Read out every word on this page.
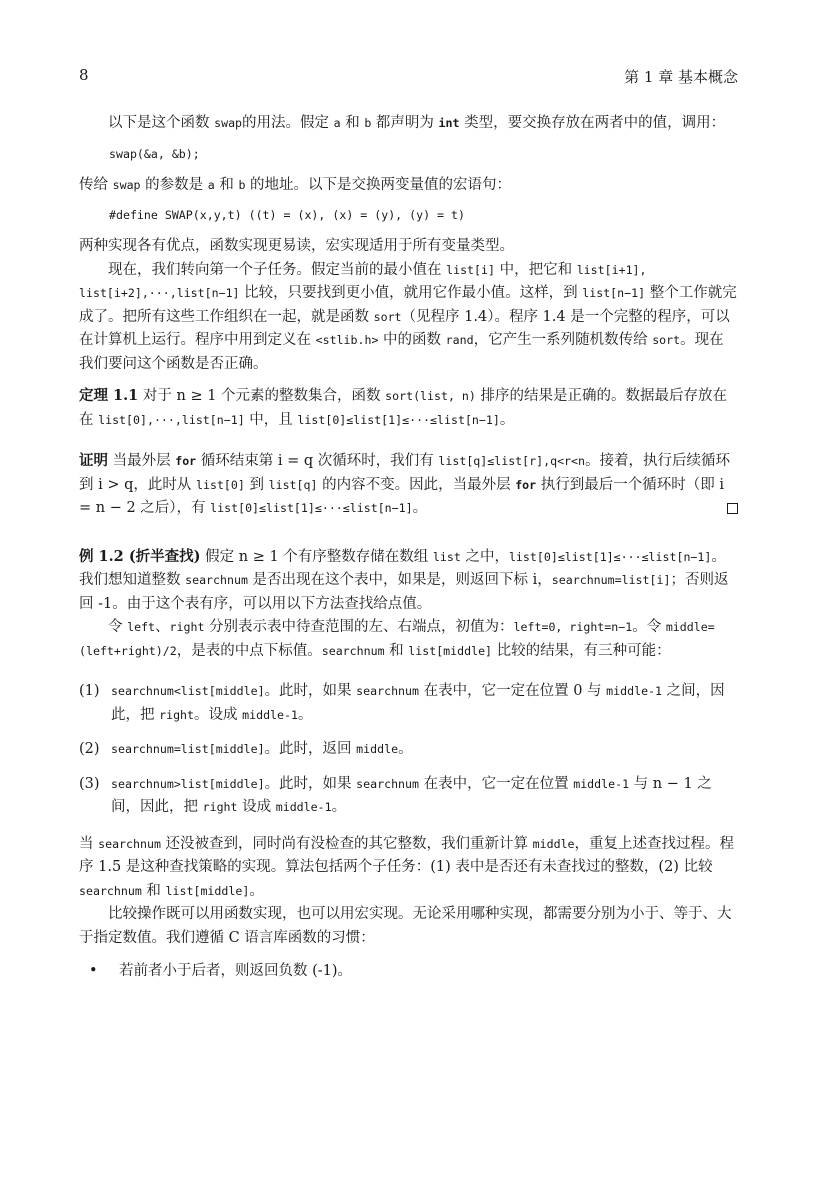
8	第 1 章 基本概念

以下是这个函数 swap的用法。假定 a 和 b 都声明为 int 类型，要交换存放在两者中的值，调用：

swap(&a, &b);

传给 swap 的参数是 a 和 b 的地址。以下是交换两变量值的宏语句：

#define SWAP(x,y,t) ((t) = (x), (x) = (y), (y) = t)

两种实现各有优点，函数实现更易读，宏实现适用于所有变量类型。

现在，我们转向第一个子任务。假定当前的最小值在 list[i] 中，把它和 list[i+1], list[i+2],···,list[n−1] 比较，只要找到更小值，就用它作最小值。这样，到 list[n−1] 整个工作就完成了。把所有这些工作组织在一起，就是函数 sort（见程序 1.4）。程序 1.4 是一个完整的程序，可以在计算机上运行。程序中用到定义在 <stlib.h> 中的函数 rand，它产生一系列随机数传给 sort。现在我们要问这个函数是否正确。

定理 1.1 对于 n ≥ 1 个元素的整数集合，函数 sort(list, n) 排序的结果是正确的。数据最后存放在在 list[0],···,list[n−1] 中，且 list[0]≤list[1]≤···≤list[n−1]。

证明 当最外层 for 循环结束第 i = q 次循环时，我们有 list[q]≤list[r],q<r<n。接着，执行后续循环到 i > q，此时从 list[0] 到 list[q] 的内容不变。因此，当最外层 for 执行到最后一个循环时（即 i = n − 2 之后），有 list[0]≤list[1]≤···≤list[n−1]。

例 1.2 (折半查找) 假定 n ≥ 1 个有序整数存储在数组 list 之中，list[0]≤list[1]≤···≤list[n−1]。我们想知道整数 searchnum 是否出现在这个表中，如果是，则返回下标 i，searchnum=list[i]；否则返回 -1。由于这个表有序，可以用以下方法查找给点值。

令 left、right 分别表示表中待查范围的左、右端点，初值为：left=0, right=n−1。令 middle=(left+right)/2，是表的中点下标值。searchnum 和 list[middle] 比较的结果，有三种可能：

(1) searchnum<list[middle]。此时，如果 searchnum 在表中，它一定在位置 0 与 middle-1 之间，因此，把 right。设成 middle-1。
(2) searchnum=list[middle]。此时，返回 middle。
(3) searchnum>list[middle]。此时，如果 searchnum 在表中，它一定在位置 middle-1 与 n − 1 之间，因此，把 right 设成 middle-1。

当 searchnum 还没被查到，同时尚有没检查的其它整数，我们重新计算 middle，重复上述查找过程。程序 1.5 是这种查找策略的实现。算法包括两个子任务：(1) 表中是否还有未查找过的整数，(2) 比较 searchnum 和 list[middle]。

比较操作既可以用函数实现，也可以用宏实现。无论采用哪种实现，都需要分别为小于、等于、大于指定数值。我们遵循 C 语言库函数的习惯：

•	若前者小于后者，则返回负数 (-1)。
